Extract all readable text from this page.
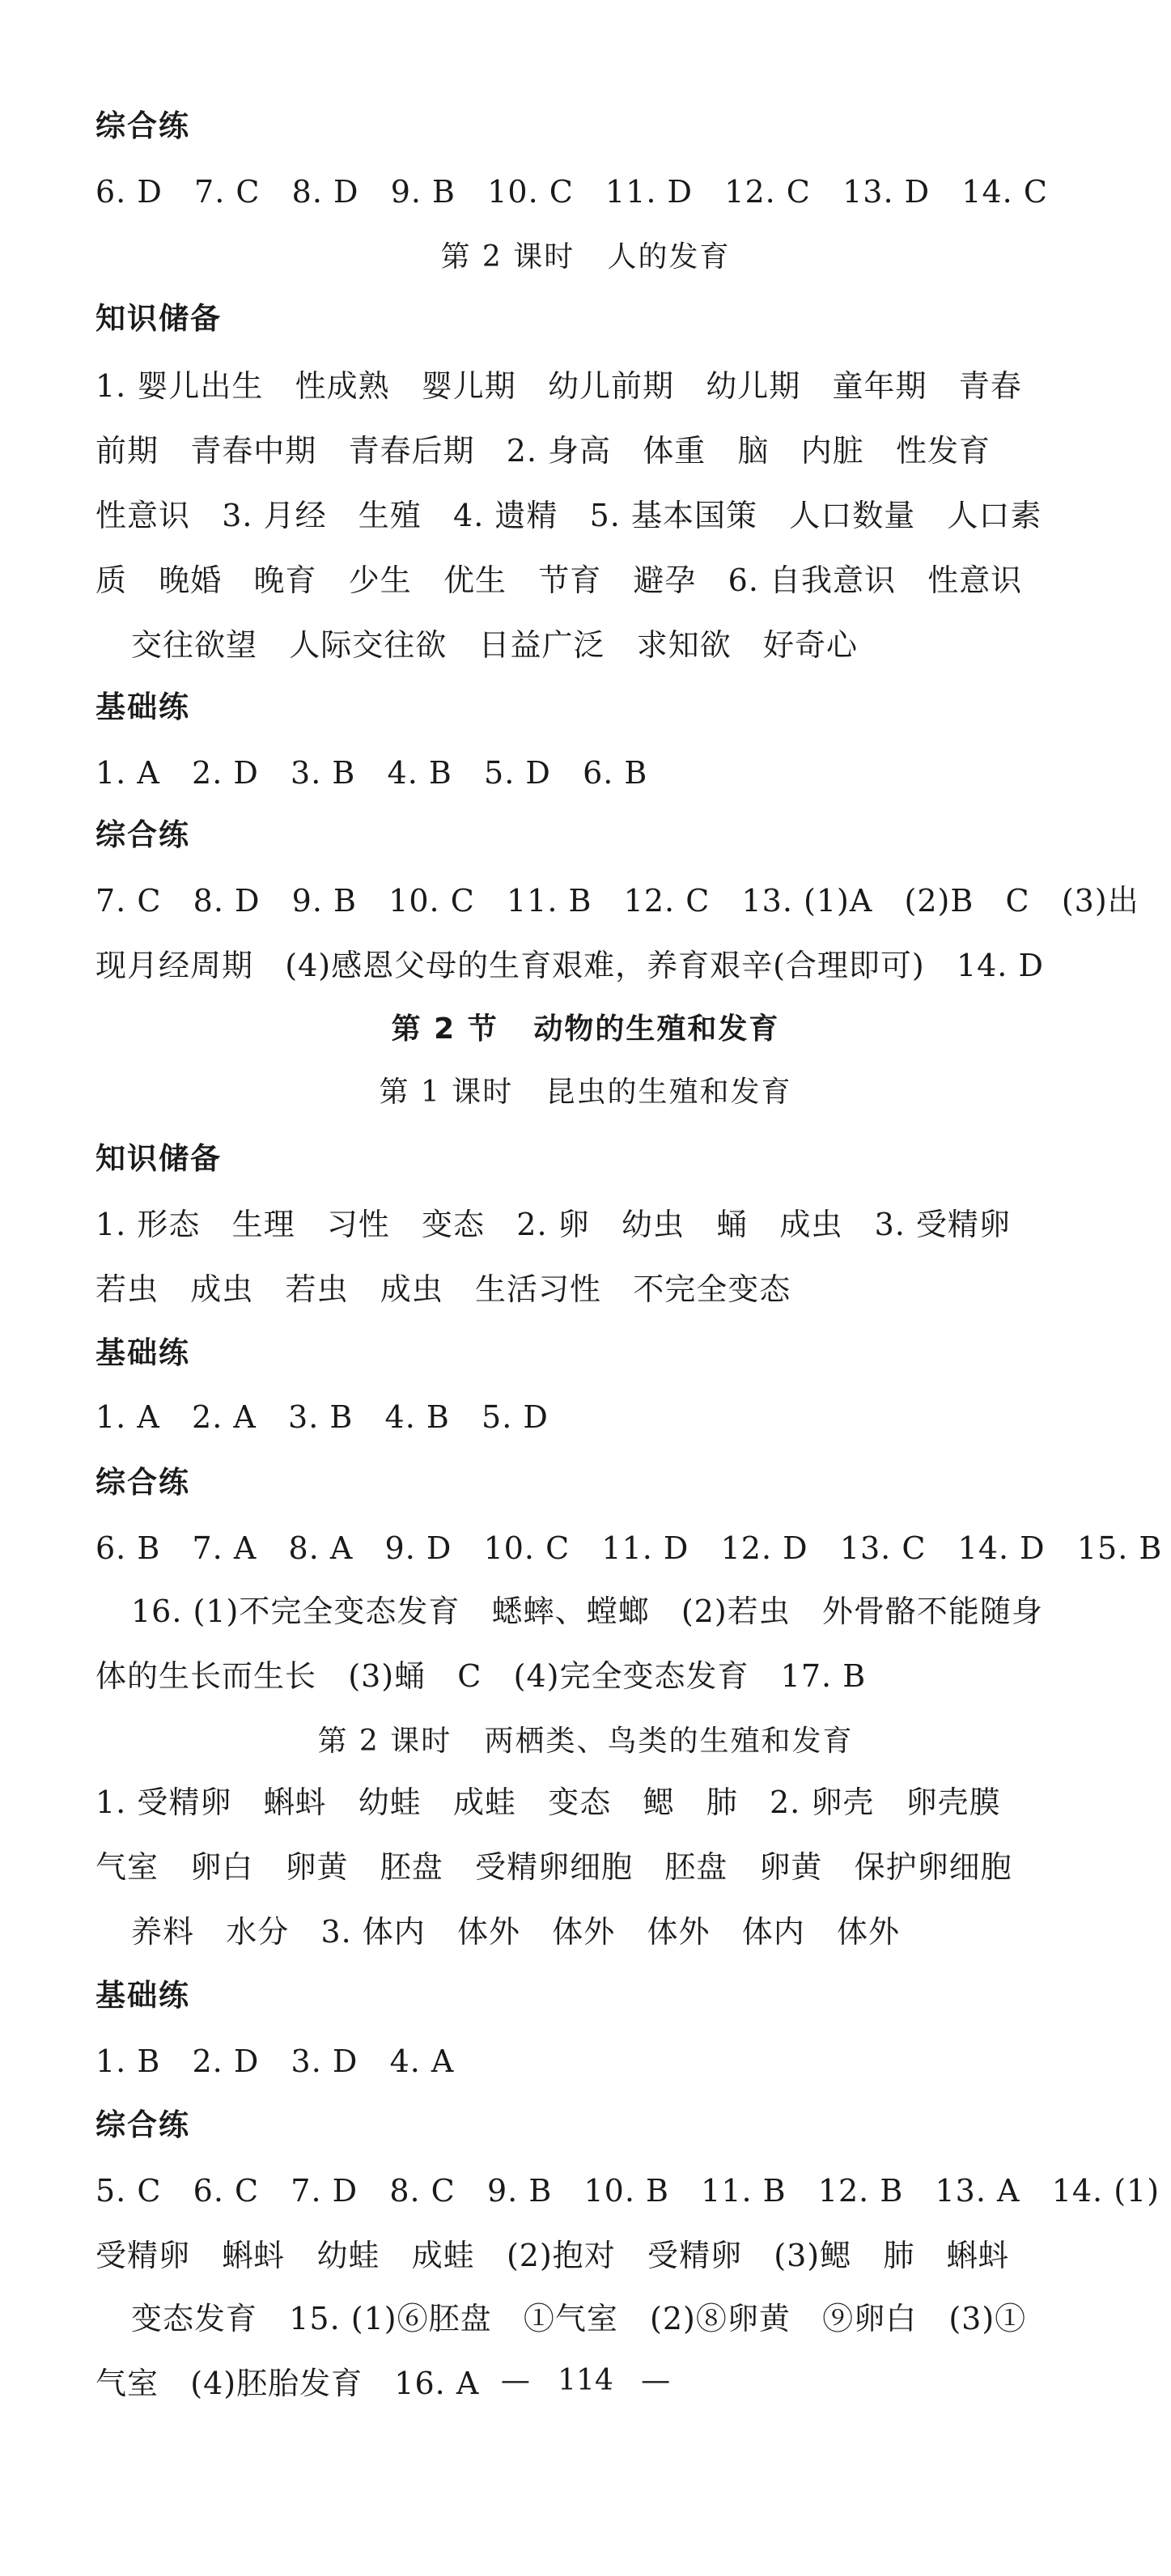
综合练
6. D   7. C   8. D   9. B   10. C   11. D   12. C   13. D   14. C
第 2 课时   人的发育
知识储备
1. 婴儿出生   性成熟   婴儿期   幼儿前期   幼儿期   童年期   青春
前期   青春中期   青春后期   2. 身高   体重   脑   内脏   性发育
性意识   3. 月经   生殖   4. 遗精   5. 基本国策   人口数量   人口素
质   晚婚   晚育   少生   优生   节育   避孕   6. 自我意识   性意识
交往欲望   人际交往欲   日益广泛   求知欲   好奇心
基础练
1. A   2. D   3. B   4. B   5. D   6. B
综合练
7. C   8. D   9. B   10. C   11. B   12. C   13. (1)A   (2)B   C   (3)出
现月经周期   (4)感恩父母的生育艰难，养育艰辛(合理即可)   14. D
第 2 节   动物的生殖和发育
第 1 课时   昆虫的生殖和发育
知识储备
1. 形态   生理   习性   变态   2. 卵   幼虫   蛹   成虫   3. 受精卵
若虫   成虫   若虫   成虫   生活习性   不完全变态
基础练
1. A   2. A   3. B   4. B   5. D
综合练
6. B   7. A   8. A   9. D   10. C   11. D   12. D   13. C   14. D   15. B
16. (1)不完全变态发育   蟋蟀、螳螂   (2)若虫   外骨骼不能随身
体的生长而生长   (3)蛹   C   (4)完全变态发育   17. B
第 2 课时   两栖类、鸟类的生殖和发育
1. 受精卵   蝌蚪   幼蛙   成蛙   变态   鳃   肺   2. 卵壳   卵壳膜
气室   卵白   卵黄   胚盘   受精卵细胞   胚盘   卵黄   保护卵细胞
养料   水分   3. 体内   体外   体外   体外   体内   体外
基础练
1. B   2. D   3. D   4. A
综合练
5. C   6. C   7. D   8. C   9. B   10. B   11. B   12. B   13. A   14. (1)
受精卵   蝌蚪   幼蛙   成蛙   (2)抱对   受精卵   (3)鳃   肺   蝌蚪
变态发育   15. (1)⑥胚盘   ①气室   (2)⑧卵黄   ⑨卵白   (3)①
气室   (4)胚胎发育   16. A —   114   —
